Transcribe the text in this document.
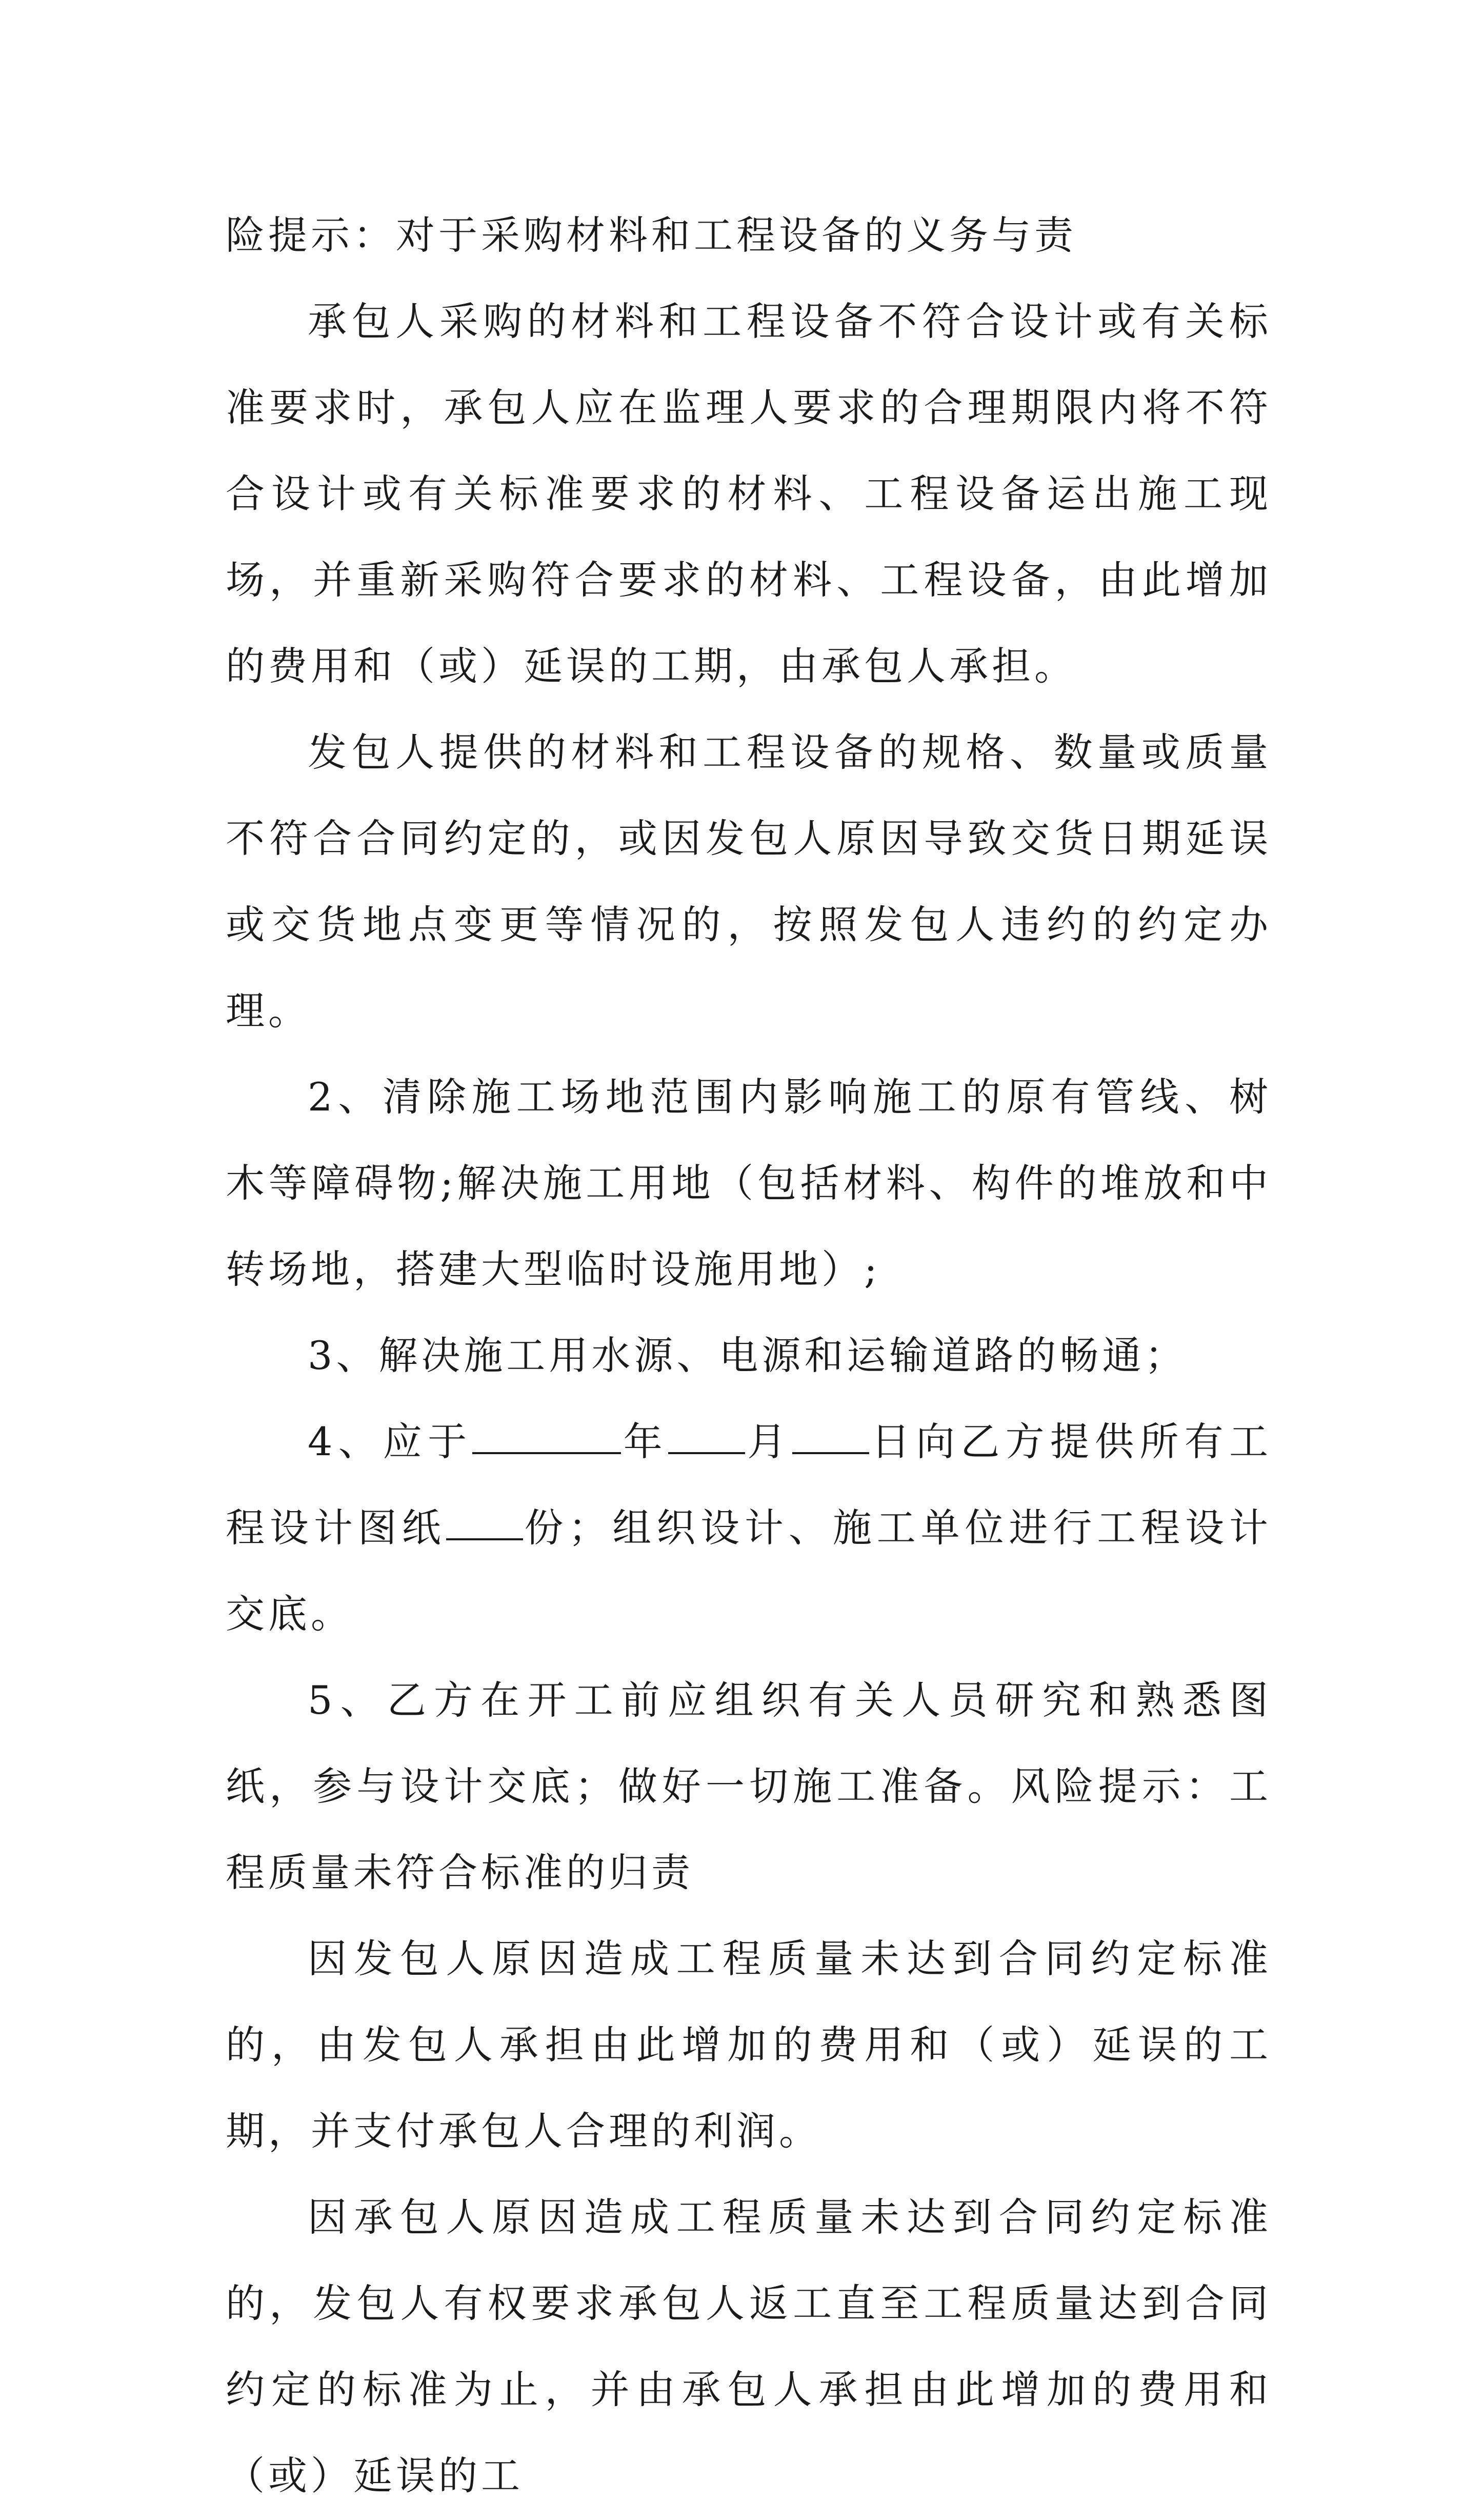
险提示：对于采购材料和工程设备的义务与责

承包人采购的材料和工程设备不符合设计或有关标准要求时，承包人应在监理人要求的合理期限内将不符合设计或有关标准要求的材料、工程设备运出施工现场，并重新采购符合要求的材料、工程设备，由此增加的费用和（或）延误的工期，由承包人承担。

发包人提供的材料和工程设备的规格、数量或质量不符合合同约定的，或因发包人原因导致交货日期延误或交货地点变更等情况的，按照发包人违约的约定办理。

2、清除施工场地范围内影响施工的原有管线、树木等障碍物;解决施工用地（包括材料、构件的堆放和中转场地，搭建大型临时设施用地）;

3、解决施工用水源、电源和运输道路的畅通；

4、应于	年 月 日向乙方提供所有工程设计图纸 份；组织设计、施工单位进行工程设计交底。

5、乙方在开工前应组织有关人员研究和熟悉图纸，参与设计交底；做好一切施工准备。风险提示：工程质量未符合标准的归责

因发包人原因造成工程质量未达到合同约定标准的，由发包人承担由此增加的费用和（或）延误的工期，并支付承包人合理的利润。

因承包人原因造成工程质量未达到合同约定标准的，发包人有权要求承包人返工直至工程质量达到合同约定的标准为止，并由承包人承担由此增加的费用和（或）延误的工
